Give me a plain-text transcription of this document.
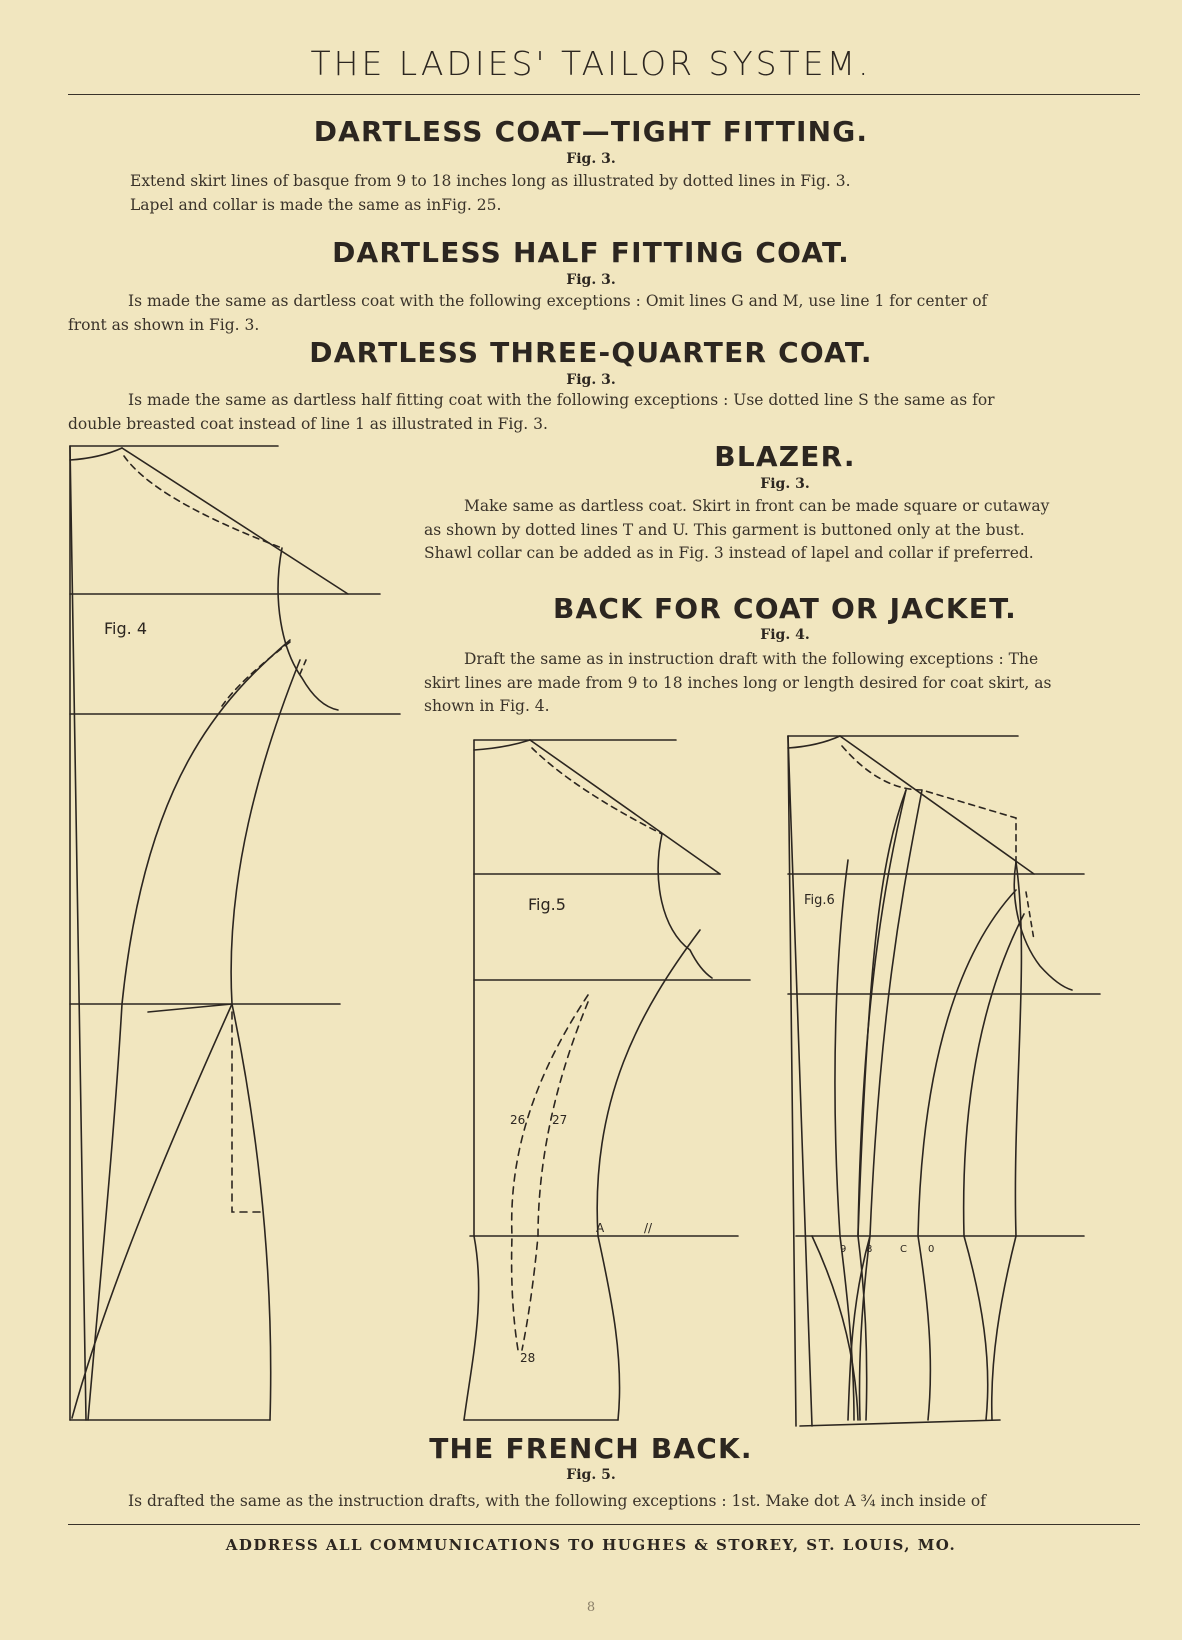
THE LADIES' TAILOR SYSTEM.
DARTLESS COAT—TIGHT FITTING.
Fig. 3.
Extend skirt lines of basque from 9 to 18 inches long as illustrated by dotted lines in Fig. 3.
Lapel and collar is made the same as inFig. 25.
DARTLESS HALF FITTING COAT.
Fig. 3.
Is made the same as dartless coat with the following exceptions : Omit lines G and M, use line 1 for center of
front as shown in Fig. 3.
DARTLESS THREE-QUARTER COAT.
Fig. 3.
Is made the same as dartless half fitting coat with the following exceptions : Use dotted line S the same as for
double breasted coat instead of line 1 as illustrated in Fig. 3.
BLAZER.
Fig. 3.
Make same as dartless coat. Skirt in front can be made square or cutaway
as shown by dotted lines T and U. This garment is buttoned only at the bust.
Shawl collar can be added as in Fig. 3 instead of lapel and collar if preferred.
BACK FOR COAT OR JACKET.
Fig. 4.
Draft the same as in instruction draft with the following exceptions : The
skirt lines are made from 9 to 18 inches long or length desired for coat skirt, as
shown in Fig. 4.
Fig. 4
Fig.5
26 27
28
A	//
Fig.6
9 8	C 0
THE FRENCH BACK.
Fig. 5.
Is drafted the same as the instruction drafts, with the following exceptions : 1st. Make dot A ¾ inch inside of
ADDRESS ALL COMMUNICATIONS TO HUGHES & STOREY, ST. LOUIS, MO.
8
